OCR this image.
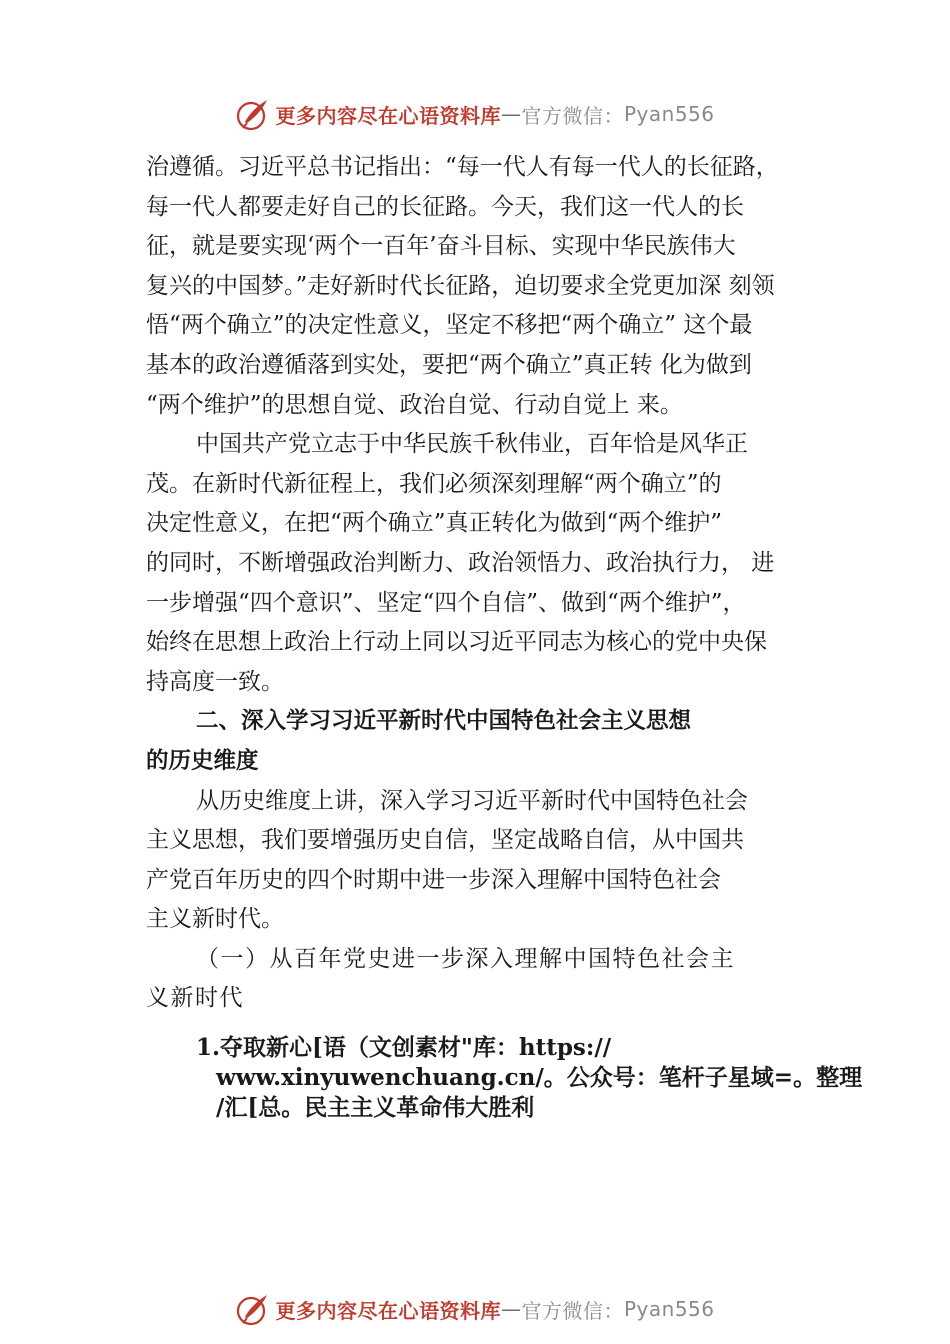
更多内容尽在心语资料库 — 官方微信： Pyan556

治遵循。习近平总书记指出：“每一代人有每一代人的长征路，

每一代人都要走好自己的长征路。今天，我们这一代人的长

征，就是要实现‘两个一百年’奋斗目标、实现中华民族伟大

复兴的中国梦。”走好新时代长征路，迫切要求全党更加深 刻领

悟“两个确立”的决定性意义，坚定不移把“两个确立” 这个最

基本的政治遵循落到实处，要把“两个确立”真正转 化为做到

“两个维护”的思想自觉、政治自觉、行动自觉上 来。

中国共产党立志于中华民族千秋伟业，百年恰是风华正

茂。在新时代新征程上，我们必须深刻理解“两个确立”的

决定性意义，在把“两个确立”真正转化为做到“两个维护”

的同时，不断增强政治判断力、政治领悟力、政治执行力， 进

一步增强“四个意识”、坚定“四个自信”、做到“两个维护”，

始终在思想上政治上行动上同以习近平同志为核心的党中央保

持高度一致。

二、深入学习习近平新时代中国特色社会主义思想

的历史维度

从历史维度上讲，深入学习习近平新时代中国特色社会

主义思想，我们要增强历史自信，坚定战略自信，从中国共

产党百年历史的四个时期中进一步深入理解中国特色社会

主义新时代。

（一）从百年党史进一步深入理解中国特色社会主

义新时代

1.夺取新心[语（文创素材"库：https://

www.xinyuwenchuang.cn/。公众号：笔杆子星域=。整理

/汇[总。民主主义革命伟大胜利

更多内容尽在心语资料库 — 官方微信： Pyan556
